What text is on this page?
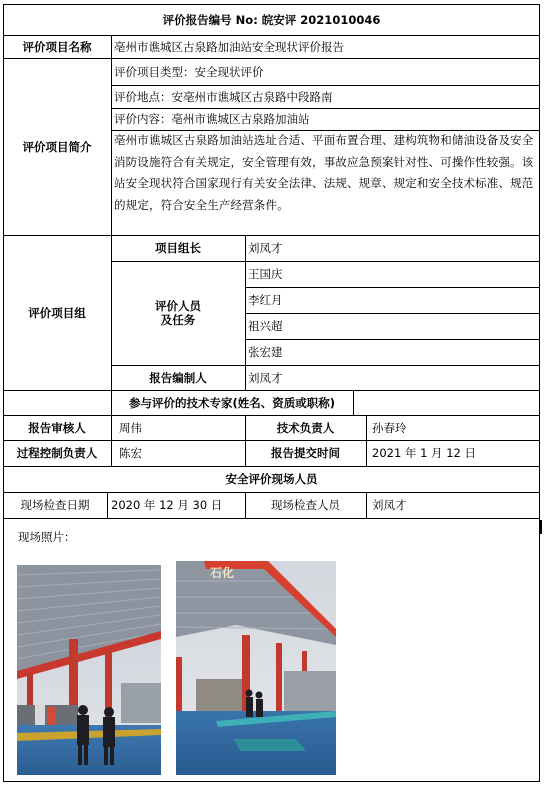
评价报告编号 No: 皖安评 2021010046
评价项目名称	亳州市谯城区古泉路加油站安全现状评价报告
评价项目简介
评价项目类型：安全现状评价
评价地点：安亳州市谯城区古泉路中段路南
评价内容：亳州市谯城区古泉路加油站
亳州市谯城区古泉路加油站选址合适、平面布置合理、建构筑物和储油设备及安全消防设施符合有关规定，安全管理有效，事故应急预案针对性、可操作性较强。该站安全现状符合国家现行有关安全法律、法规、规章、规定和安全技术标准、规范的规定，符合安全生产经营条件。
评价项目组
项目组长	刘凤才
评价人员
及任务
王国庆
李红月
祖兴超
张宏建
报告编制人	刘凤才
参与评价的技术专家(姓名、资质或职称)
报告审核人	周伟	技术负责人	孙春玲
过程控制负责人	陈宏	报告提交时间	2021 年 1 月 12 日
安全评价现场人员
现场检查日期	2020 年 12 月 30 日	现场检查人员	刘凤才
现场照片：
石化
